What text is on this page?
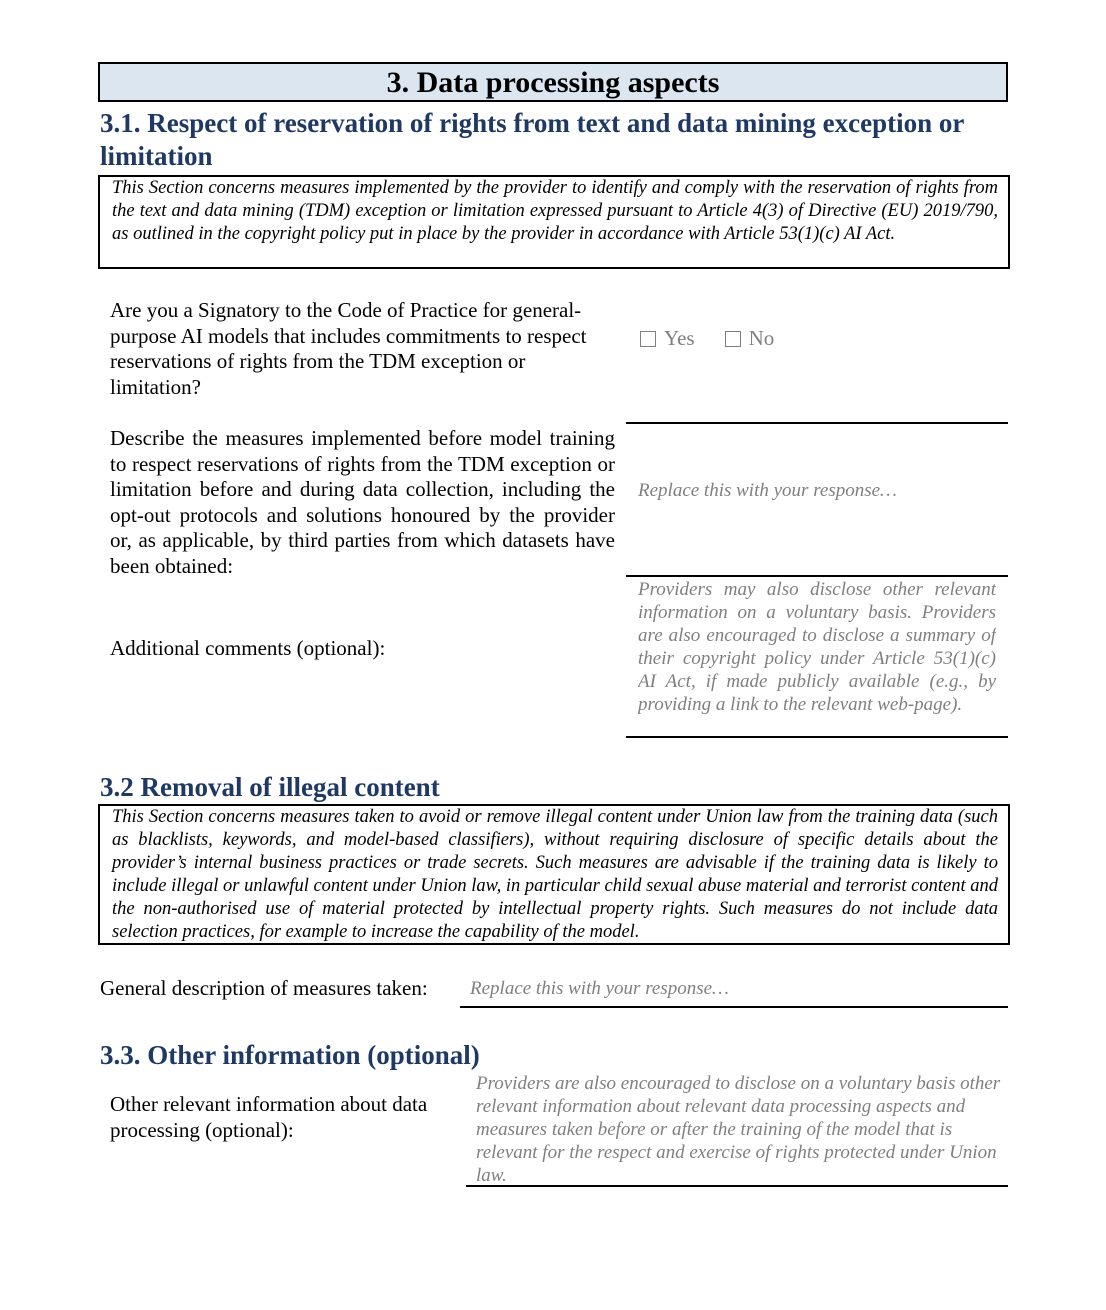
3. Data processing aspects
3.1. Respect of reservation of rights from text and data mining exception or limitation
This Section concerns measures implemented by the provider to identify and comply with the reservation of rights from the text and data mining (TDM) exception or limitation expressed pursuant to Article 4(3) of Directive (EU) 2019/790, as outlined in the copyright policy put in place by the provider in accordance with Article 53(1)(c) AI Act.

Are you a Signatory to the Code of Practice for general-purpose AI models that includes commitments to respect reservations of rights from the TDM exception or limitation?

Yes	No

Describe the measures implemented before model training to respect reservations of rights from the TDM exception or limitation before and during data collection, including the opt-out protocols and solutions honoured by the provider or, as applicable, by third parties from which datasets have been obtained:

Replace this with your response…

Additional comments (optional):

Providers may also disclose other relevant information on a voluntary basis. Providers are also encouraged to disclose a summary of their copyright policy under Article 53(1)(c) AI Act, if made publicly available (e.g., by providing a link to the relevant web-page).
3.2 Removal of illegal content
This Section concerns measures taken to avoid or remove illegal content under Union law from the training data (such as blacklists, keywords, and model-based classifiers), without requiring disclosure of specific details about the provider’s internal business practices or trade secrets. Such measures are advisable if the training data is likely to include illegal or unlawful content under Union law, in particular child sexual abuse material and terrorist content and the non-authorised use of material protected by intellectual property rights. Such measures do not include data selection practices, for example to increase the capability of the model.

General description of measures taken:	Replace this with your response…
3.3. Other information (optional)

Other relevant information about data processing (optional):

Providers are also encouraged to disclose on a voluntary basis other relevant information about relevant data processing aspects and measures taken before or after the training of the model that is relevant for the respect and exercise of rights protected under Union law.
